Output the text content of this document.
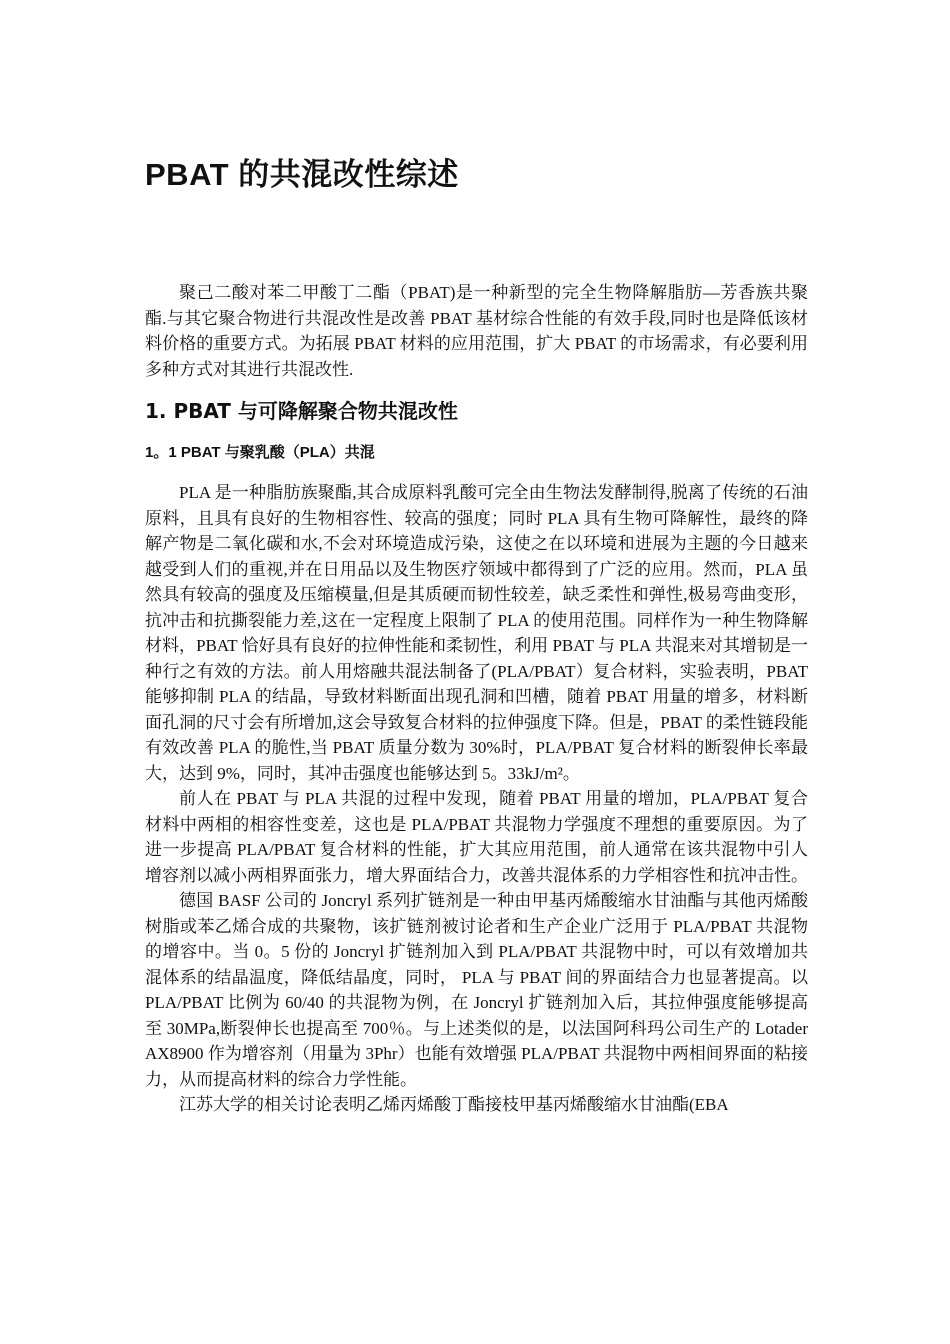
PBAT 的共混改性综述

聚己二酸对苯二甲酸丁二酯（PBAT)是一种新型的完全生物降解脂肪—芳香族共聚酯.与其它聚合物进行共混改性是改善 PBAT 基材综合性能的有效手段,同时也是降低该材料价格的重要方式。为拓展 PBAT 材料的应用范围，扩大 PBAT 的市场需求，有必要利用多种方式对其进行共混改性.

1. PBAT 与可降解聚合物共混改性
1。1 PBAT 与聚乳酸（PLA）共混

PLA 是一种脂肪族聚酯,其合成原料乳酸可完全由生物法发酵制得,脱离了传统的石油原料，且具有良好的生物相容性、较高的强度；同时 PLA 具有生物可降解性，最终的降解产物是二氧化碳和水,不会对环境造成污染，这使之在以环境和进展为主题的今日越来越受到人们的重视,并在日用品以及生物医疗领域中都得到了广泛的应用。然而，PLA 虽然具有较高的强度及压缩模量,但是其质硬而韧性较差，缺乏柔性和弹性,极易弯曲变形，抗冲击和抗撕裂能力差,这在一定程度上限制了 PLA 的使用范围。同样作为一种生物降解材料，PBAT 恰好具有良好的拉伸性能和柔韧性，利用 PBAT 与 PLA 共混来对其增韧是一种行之有效的方法。前人用熔融共混法制备了(PLA/PBAT）复合材料，实验表明，PBAT 能够抑制 PLA 的结晶，导致材料断面出现孔洞和凹槽，随着 PBAT 用量的增多，材料断面孔洞的尺寸会有所增加,这会导致复合材料的拉伸强度下降。但是，PBAT 的柔性链段能有效改善 PLA 的脆性,当 PBAT 质量分数为 30%时，PLA/PBAT 复合材料的断裂伸长率最大，达到 9%，同时，其冲击强度也能够达到 5。33kJ/m²。

前人在 PBAT 与 PLA 共混的过程中发现，随着 PBAT 用量的增加，PLA/PBAT 复合材料中两相的相容性变差，这也是 PLA/PBAT 共混物力学强度不理想的重要原因。为了进一步提高 PLA/PBAT 复合材料的性能，扩大其应用范围，前人通常在该共混物中引人增容剂以减小两相界面张力，增大界面结合力，改善共混体系的力学相容性和抗冲击性。

德国 BASF 公司的 Joncryl 系列扩链剂是一种由甲基丙烯酸缩水甘油酯与其他丙烯酸树脂或苯乙烯合成的共聚物，该扩链剂被讨论者和生产企业广泛用于 PLA/PBAT 共混物的增容中。当 0。5 份的 Joncryl 扩链剂加入到 PLA/PBAT 共混物中时，可以有效增加共混体系的结晶温度，降低结晶度，同时， PLA 与 PBAT 间的界面结合力也显著提高。以 PLA/PBAT 比例为 60/40 的共混物为例，在 Joncryl 扩链剂加入后，其拉伸强度能够提高至 30MPa,断裂伸长也提高至 700％。与上述类似的是，以法国阿科玛公司生产的 LotaderAX8900 作为增容剂（用量为 3Phr）也能有效增强 PLA/PBAT 共混物中两相间界面的粘接力，从而提高材料的综合力学性能。

江苏大学的相关讨论表明乙烯丙烯酸丁酯接枝甲基丙烯酸缩水甘油酯(EBA
